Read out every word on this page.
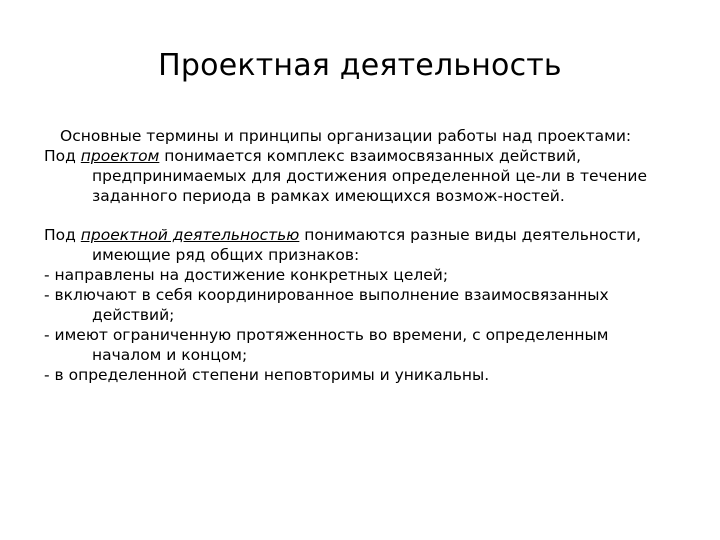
Проектная деятельность
Основные термины и принципы организации работы над проектами:
Под проектом понимается комплекс взаимосвязанных действий,
предпринимаемых для достижения определенной це-ли в течение
заданного периода в рамках имеющихся возмож-ностей.
Под проектной деятельностью понимаются разные виды деятельности,
имеющие ряд общих признаков:
- направлены на достижение конкретных целей;
- включают в себя координированное выполнение взаимосвязанных
действий;
- имеют ограниченную протяженность во времени, с определенным
началом и концом;
- в определенной степени неповторимы и уникальны.
